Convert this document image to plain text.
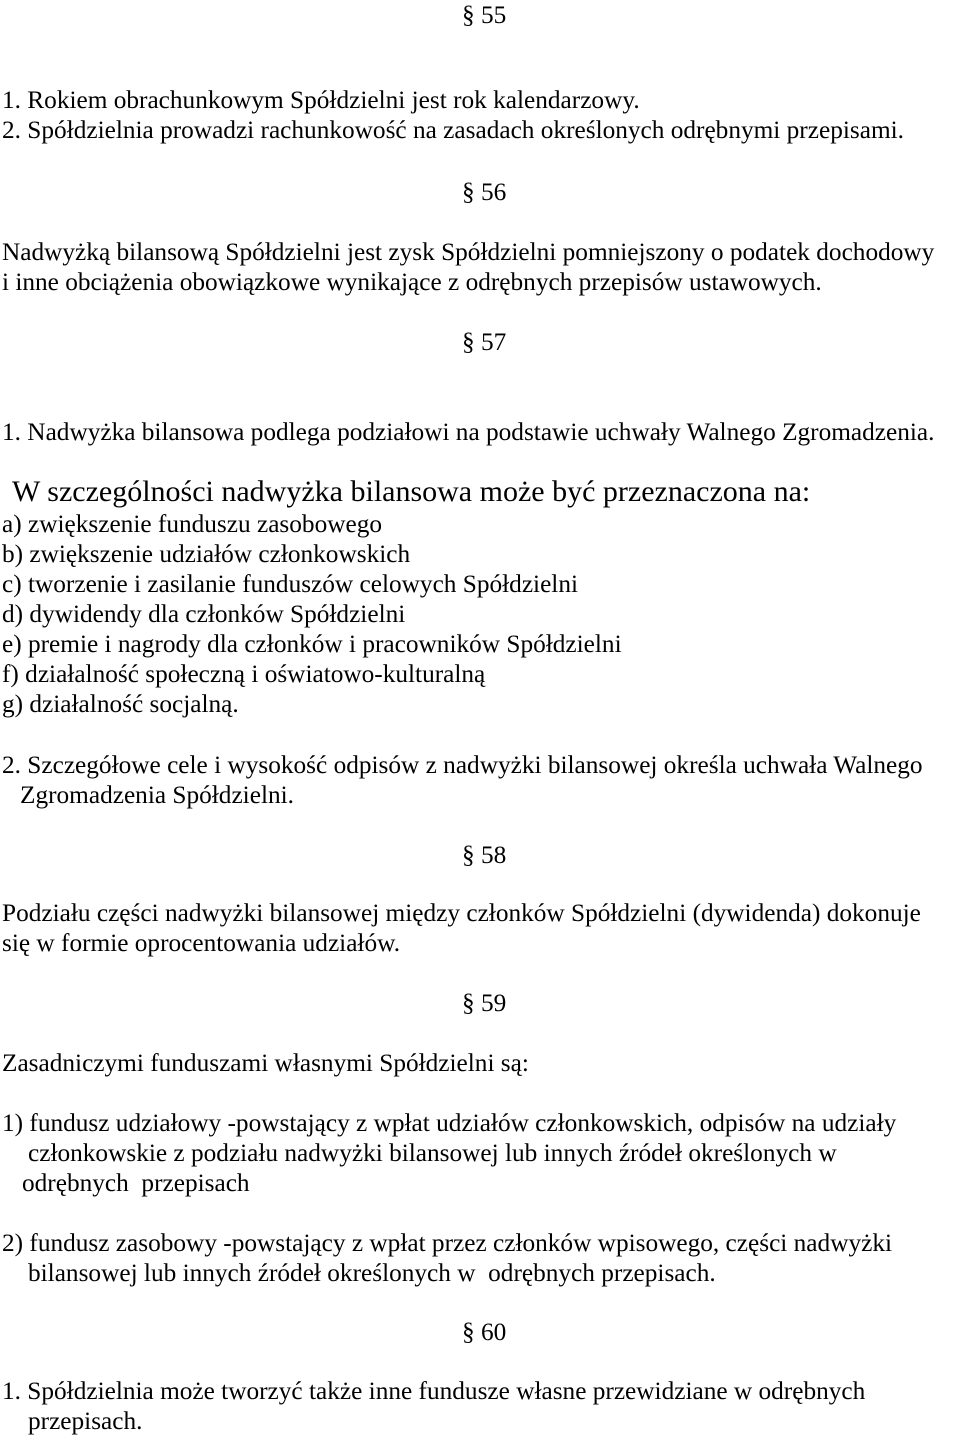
§ 55
1. Rokiem obrachunkowym Spółdzielni jest rok kalendarzowy.
2. Spółdzielnia prowadzi rachunkowość na zasadach określonych odrębnymi przepisami.
§ 56
Nadwyżką bilansową Spółdzielni jest zysk Spółdzielni pomniejszony o podatek dochodowy
i inne obciążenia obowiązkowe wynikające z odrębnych przepisów ustawowych.
§ 57
1. Nadwyżka bilansowa podlega podziałowi na podstawie uchwały Walnego Zgromadzenia.
W szczególności nadwyżka bilansowa może być przeznaczona na:
a) zwiększenie funduszu zasobowego
b) zwiększenie udziałów członkowskich
c) tworzenie i zasilanie funduszów celowych Spółdzielni
d) dywidendy dla członków Spółdzielni
e) premie i nagrody dla członków i pracowników Spółdzielni
f) działalność społeczną i oświatowo-kulturalną
g) działalność socjalną.
2. Szczegółowe cele i wysokość odpisów z nadwyżki bilansowej określa uchwała Walnego
Zgromadzenia Spółdzielni.
§ 58
Podziału części nadwyżki bilansowej między członków Spółdzielni (dywidenda) dokonuje
się w formie oprocentowania udziałów.
§ 59
Zasadniczymi funduszami własnymi Spółdzielni są:
1) fundusz udziałowy -powstający z wpłat udziałów członkowskich, odpisów na udziały
członkowskie z podziału nadwyżki bilansowej lub innych źródeł określonych w
odrębnych  przepisach
2) fundusz zasobowy -powstający z wpłat przez członków wpisowego, części nadwyżki
bilansowej lub innych źródeł określonych w  odrębnych przepisach.
§ 60
1. Spółdzielnia może tworzyć także inne fundusze własne przewidziane w odrębnych
przepisach.
